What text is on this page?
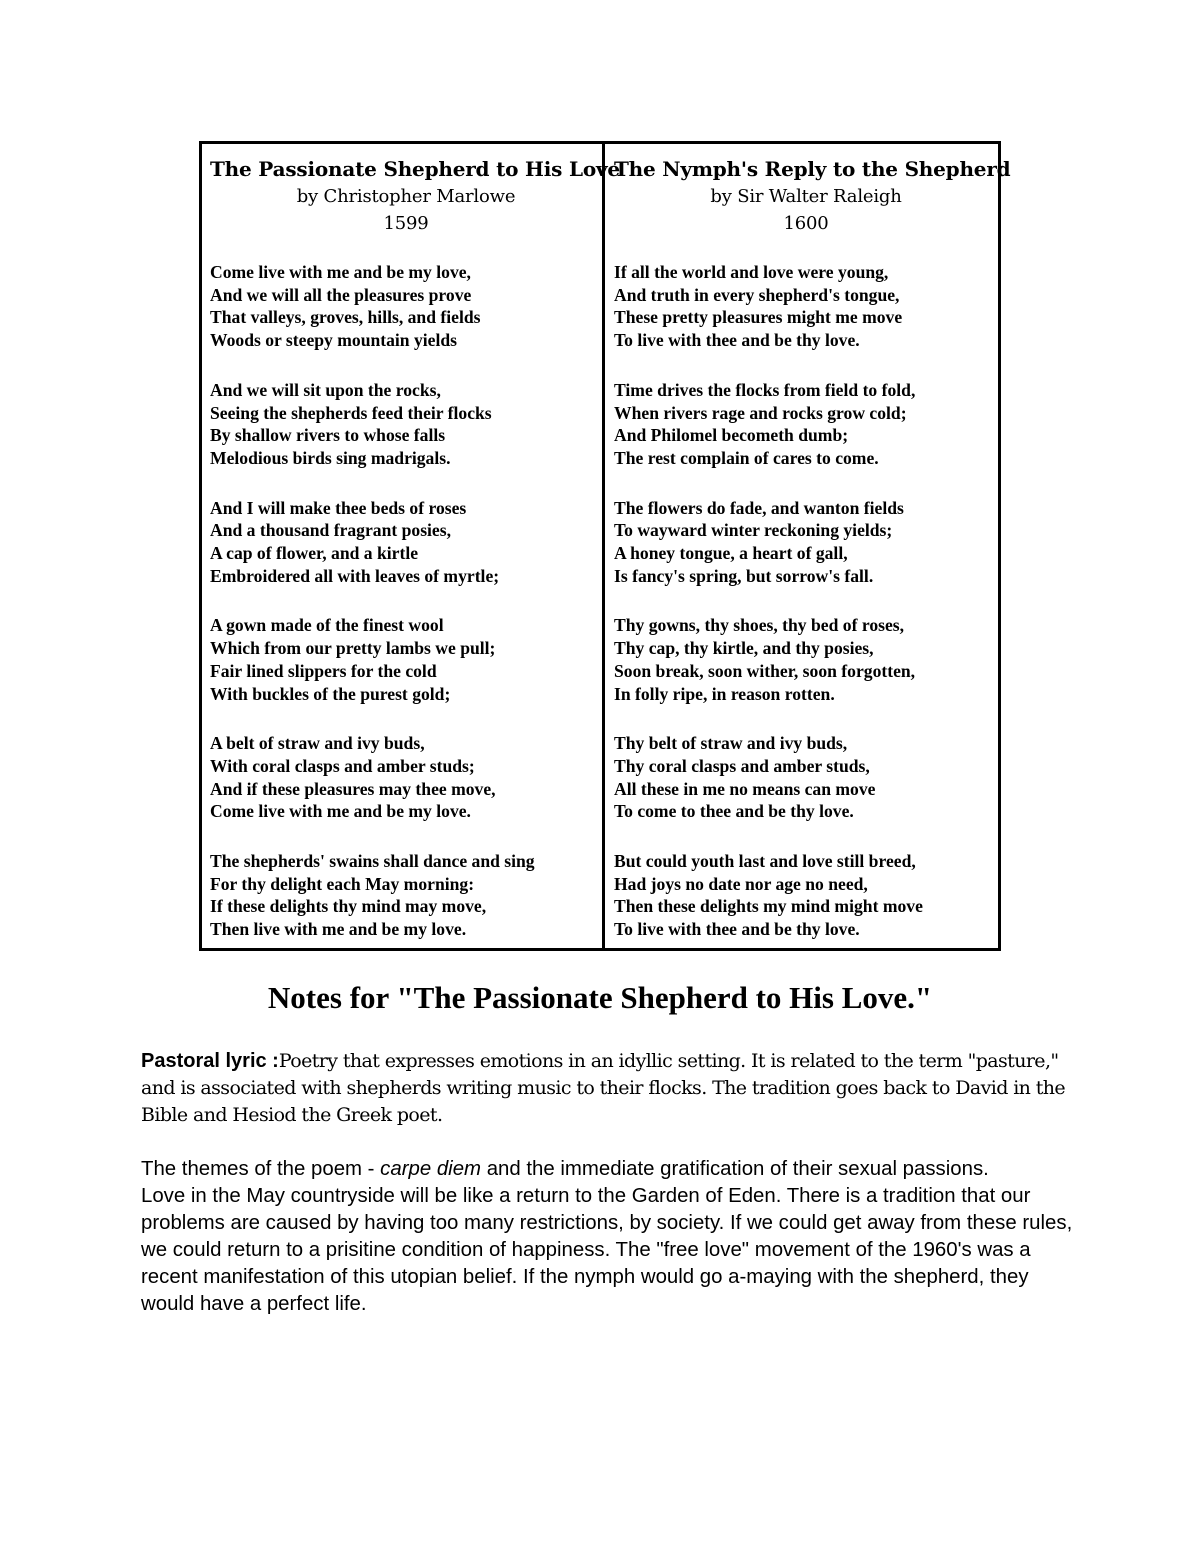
The Passionate Shepherd to His Love
by Christopher Marlowe
1599
Come live with me and be my love,
And we will all the pleasures prove
That valleys, groves, hills, and fields
Woods or steepy mountain yields
And we will sit upon the rocks,
Seeing the shepherds feed their flocks
By shallow rivers to whose falls
Melodious birds sing madrigals.
And I will make thee beds of roses
And a thousand fragrant posies,
A cap of flower, and a kirtle
Embroidered all with leaves of myrtle;
A gown made of the finest wool
Which from our pretty lambs we pull;
Fair lined slippers for the cold
With buckles of the purest gold;
A belt of straw and ivy buds,
With coral clasps and amber studs;
And if these pleasures may thee move,
Come live with me and be my love.
The shepherds' swains shall dance and sing
For thy delight each May morning:
If these delights thy mind may move,
Then live with me and be my love.
The Nymph's Reply to the Shepherd
by Sir Walter Raleigh
1600
If all the world and love were young,
And truth in every shepherd's tongue,
These pretty pleasures might me move
To live with thee and be thy love.
Time drives the flocks from field to fold,
When rivers rage and rocks grow cold;
And Philomel becometh dumb;
The rest complain of cares to come.
The flowers do fade, and wanton fields
To wayward winter reckoning yields;
A honey tongue, a heart of gall,
Is fancy's spring, but sorrow's fall.
Thy gowns, thy shoes, thy bed of roses,
Thy cap, thy kirtle, and thy posies,
Soon break, soon wither, soon forgotten,
In folly ripe, in reason rotten.
Thy belt of straw and ivy buds,
Thy coral clasps and amber studs,
All these in me no means can move
To come to thee and be thy love.
But could youth last and love still breed,
Had joys no date nor age no need,
Then these delights my mind might move
To live with thee and be thy love.
Notes for "The Passionate Shepherd to His Love."

Pastoral lyric :Poetry that expresses emotions in an idyllic setting. It is related to the term "pasture," and is associated with shepherds writing music to their flocks. The tradition goes back to David in the Bible and Hesiod the Greek poet.

The themes of the poem - carpe diem and the immediate gratification of their sexual passions.

Love in the May countryside will be like a return to the Garden of Eden. There is a tradition that our problems are caused by having too many restrictions, by society. If we could get away from these rules, we could return to a prisitine condition of happiness. The "free love" movement of the 1960's was a recent manifestation of this utopian belief. If the nymph would go a-maying with the shepherd, they would have a perfect life.
